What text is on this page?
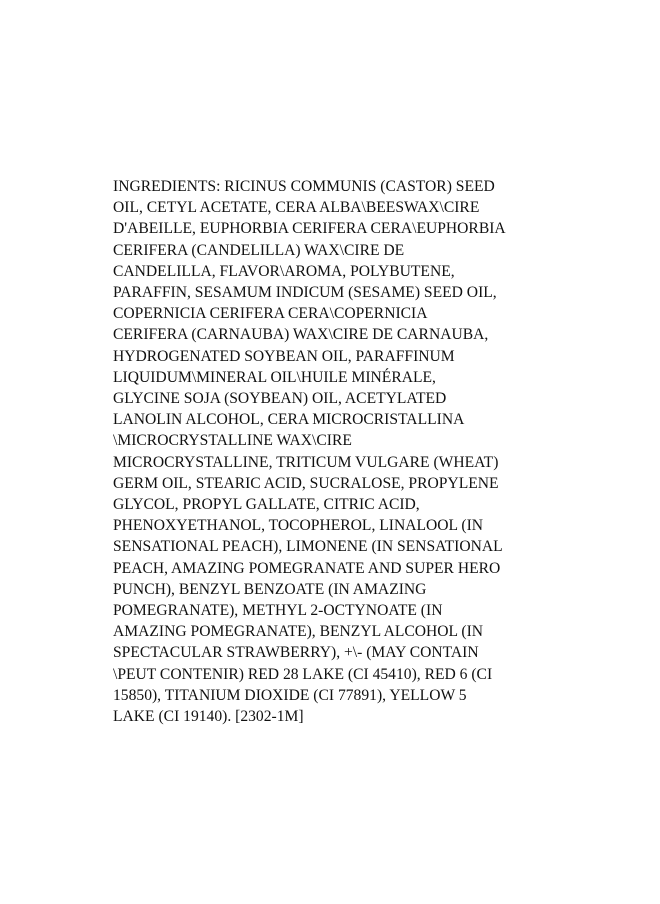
INGREDIENTS: RICINUS COMMUNIS (CASTOR) SEED
OIL, CETYL ACETATE, CERA ALBA\BEESWAX\CIRE
D'ABEILLE, EUPHORBIA CERIFERA CERA\EUPHORBIA
CERIFERA (CANDELILLA) WAX\CIRE DE
CANDELILLA, FLAVOR\AROMA, POLYBUTENE,
PARAFFIN, SESAMUM INDICUM (SESAME) SEED OIL,
COPERNICIA CERIFERA CERA\COPERNICIA
CERIFERA (CARNAUBA) WAX\CIRE DE CARNAUBA,
HYDROGENATED SOYBEAN OIL, PARAFFINUM
LIQUIDUM\MINERAL OIL\HUILE MINÉRALE,
GLYCINE SOJA (SOYBEAN) OIL, ACETYLATED
LANOLIN ALCOHOL, CERA MICROCRISTALLINA
\MICROCRYSTALLINE WAX\CIRE
MICROCRYSTALLINE, TRITICUM VULGARE (WHEAT)
GERM OIL, STEARIC ACID, SUCRALOSE, PROPYLENE
GLYCOL, PROPYL GALLATE, CITRIC ACID,
PHENOXYETHANOL, TOCOPHEROL, LINALOOL (IN
SENSATIONAL PEACH), LIMONENE (IN SENSATIONAL
PEACH, AMAZING POMEGRANATE AND SUPER HERO
PUNCH), BENZYL BENZOATE (IN AMAZING
POMEGRANATE), METHYL 2-OCTYNOATE (IN
AMAZING POMEGRANATE), BENZYL ALCOHOL (IN
SPECTACULAR STRAWBERRY), +\- (MAY CONTAIN
\PEUT CONTENIR) RED 28 LAKE (CI 45410), RED 6 (CI
15850), TITANIUM DIOXIDE (CI 77891), YELLOW 5
LAKE (CI 19140). [2302-1M]
